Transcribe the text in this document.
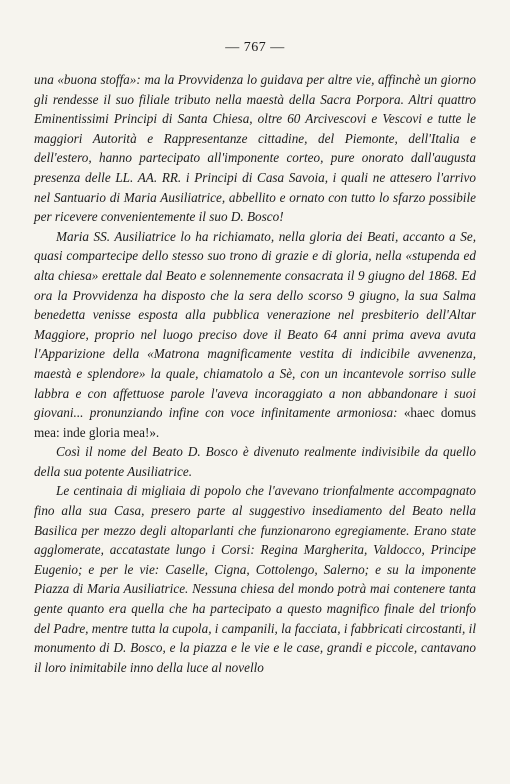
— 767 —

una «buona stoffa»: ma la Provvidenza lo guidava per altre vie, affinchè un giorno gli rendesse il suo filiale tributo nella maestà della Sacra Porpora. Altri quattro Eminentissimi Principi di Santa Chiesa, oltre 60 Arcivescovi e Vescovi e tutte le maggiori Autorità e Rappresentanze cittadine, del Piemonte, dell'Italia e dell'estero, hanno partecipato all'imponente corteo, pure onorato dall'augusta presenza delle LL. AA. RR. i Principi di Casa Savoia, i quali ne attesero l'arrivo nel Santuario di Maria Ausiliatrice, abbellito e ornato con tutto lo sfarzo possibile per ricevere convenientemente il suo D. Bosco!

Maria SS. Ausiliatrice lo ha richiamato, nella gloria dei Beati, accanto a Se, quasi compartecipe dello stesso suo trono di grazie e di gloria, nella «stupenda ed alta chiesa» erettale dal Beato e solennemente consacrata il 9 giugno del 1868. Ed ora la Provvidenza ha disposto che la sera dello scorso 9 giugno, la sua Salma benedetta venisse esposta alla pubblica venerazione nel presbiterio dell'Altar Maggiore, proprio nel luogo preciso dove il Beato 64 anni prima aveva avuta l'Apparizione della «Matrona magnificamente vestita di indicibile avvenenza, maestà e splendore» la quale, chiamatolo a Sè, con un incantevole sorriso sulle labbra e con affettuose parole l'aveva incoraggiato a non abbandonare i suoi giovani... pronunziando infine con voce infinitamente armoniosa: «haec domus mea: inde gloria mea!».

Così il nome del Beato D. Bosco è divenuto realmente indivisibile da quello della sua potente Ausiliatrice.

Le centinaia di migliaia di popolo che l'avevano trionfalmente accompagnato fino alla sua Casa, presero parte al suggestivo insediamento del Beato nella Basilica per mezzo degli altoparlanti che funzionarono egregiamente. Erano state agglomerate, accatastate lungo i Corsi: Regina Margherita, Valdocco, Principe Eugenio; e per le vie: Caselle, Cigna, Cottolengo, Salerno; e su la imponente Piazza di Maria Ausiliatrice. Nessuna chiesa del mondo potrà mai contenere tanta gente quanto era quella che ha partecipato a questo magnifico finale del trionfo del Padre, mentre tutta la cupola, i campanili, la facciata, i fabbricati circostanti, il monumento di D. Bosco, e la piazza e le vie e le case, grandi e piccole, cantavano il loro inimitabile inno della luce al novello
